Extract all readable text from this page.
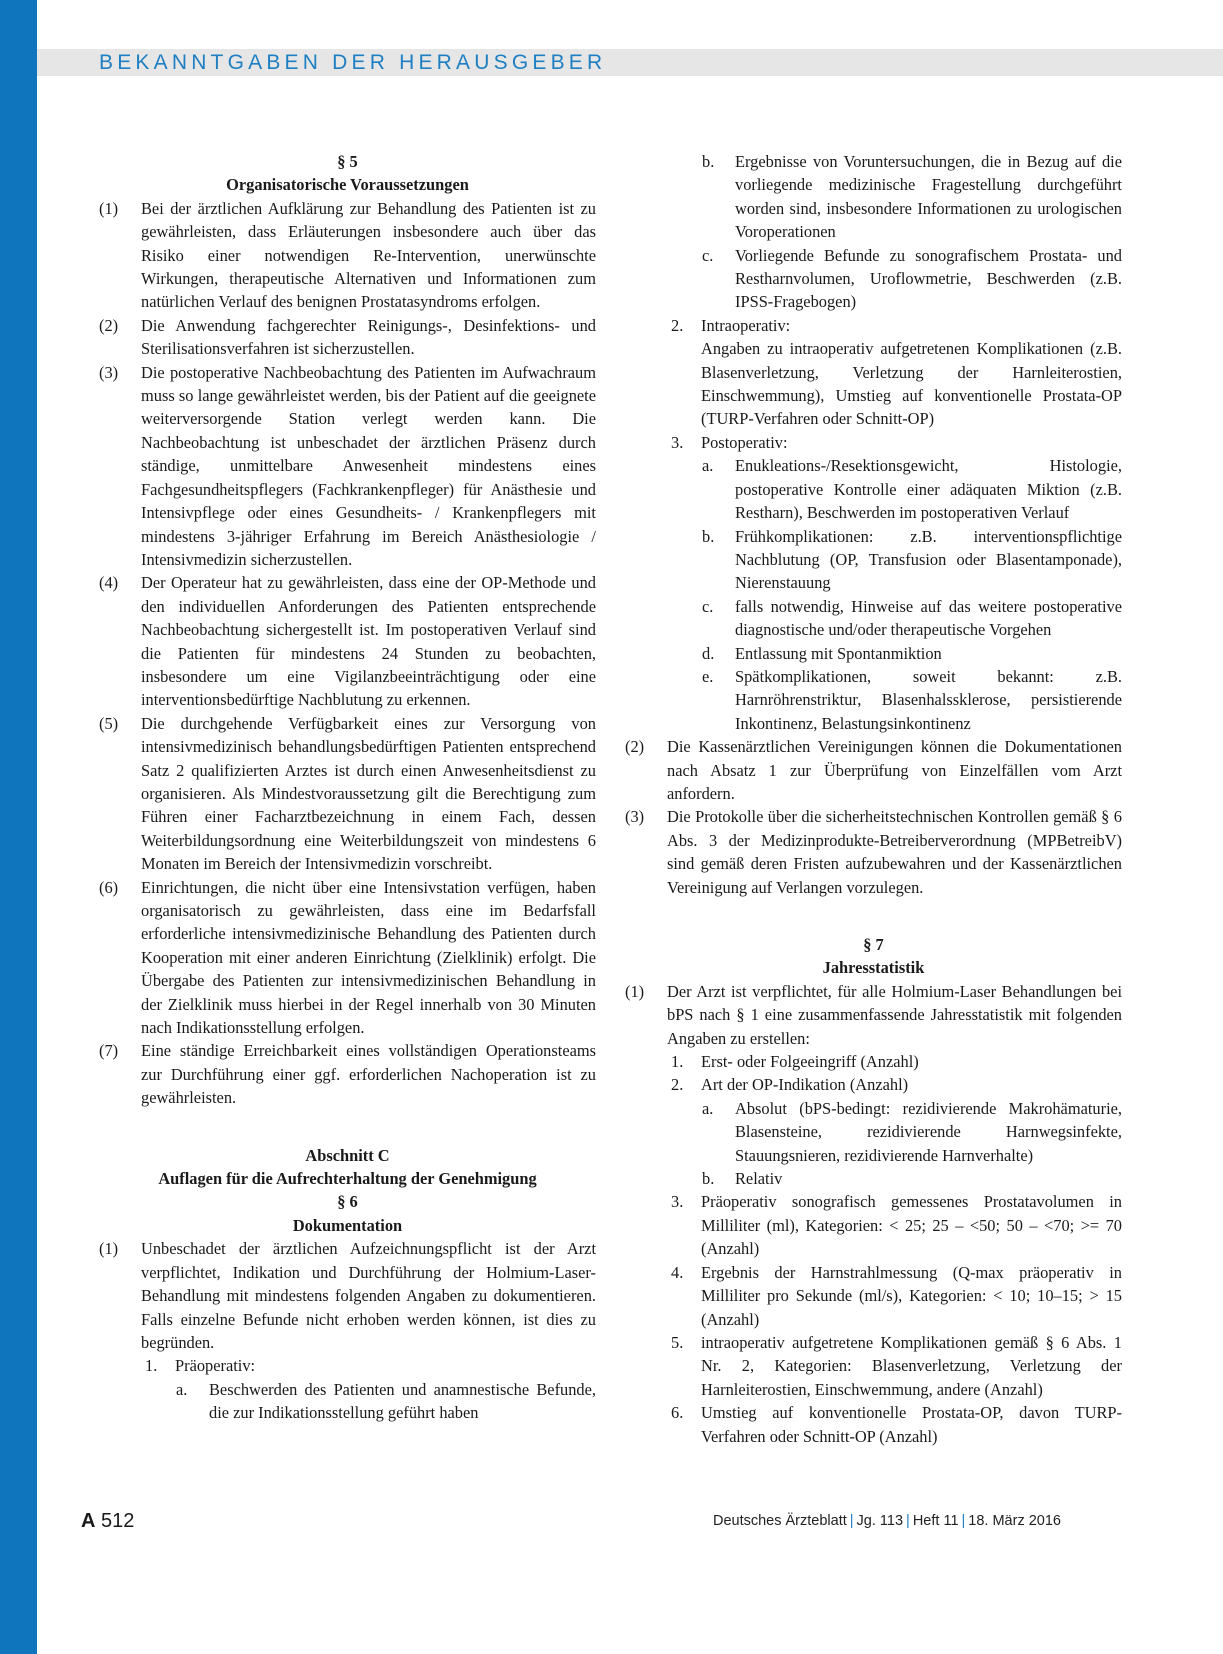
BEKANNTGABEN DER HERAUSGEBER
§ 5
Organisatorische Voraussetzungen
(1) Bei der ärztlichen Aufklärung zur Behandlung des Patienten ist zu gewährleisten, dass Erläuterungen insbesondere auch über das Risiko einer notwendigen Re-Intervention, unerwünschte Wirkungen, therapeutische Alternativen und Informationen zum natürlichen Verlauf des benignen Prostatasyndroms erfolgen.
(2) Die Anwendung fachgerechter Reinigungs-, Desinfektions- und Sterilisationsverfahren ist sicherzustellen.
(3) Die postoperative Nachbeobachtung des Patienten im Aufwachraum muss so lange gewährleistet werden, bis der Patient auf die geeignete weiterversorgende Station verlegt werden kann. Die Nachbeobachtung ist unbeschadet der ärztlichen Präsenz durch ständige, unmittelbare Anwesenheit mindestens eines Fachgesundheitspflegers (Fachkrankenpfleger) für Anästhesie und Intensivpflege oder eines Gesundheits- / Krankenpflegers mit mindestens 3-jähriger Erfahrung im Bereich Anästhesiologie / Intensivmedizin sicherzustellen.
(4) Der Operateur hat zu gewährleisten, dass eine der OP-Methode und den individuellen Anforderungen des Patienten entsprechende Nachbeobachtung sichergestellt ist. Im postoperativen Verlauf sind die Patienten für mindestens 24 Stunden zu beobachten, insbesondere um eine Vigilanzbeeinträchtigung oder eine interventionsbedürftige Nachblutung zu erkennen.
(5) Die durchgehende Verfügbarkeit eines zur Versorgung von intensivmedizinisch behandlungsbedürftigen Patienten entsprechend Satz 2 qualifizierten Arztes ist durch einen Anwesenheitsdienst zu organisieren. Als Mindestvoraussetzung gilt die Berechtigung zum Führen einer Facharztbezeichnung in einem Fach, dessen Weiterbildungsordnung eine Weiterbildungszeit von mindestens 6 Monaten im Bereich der Intensivmedizin vorschreibt.
(6) Einrichtungen, die nicht über eine Intensivstation verfügen, haben organisatorisch zu gewährleisten, dass eine im Bedarfsfall erforderliche intensivmedizinische Behandlung des Patienten durch Kooperation mit einer anderen Einrichtung (Zielklinik) erfolgt. Die Übergabe des Patienten zur intensivmedizinischen Behandlung in der Zielklinik muss hierbei in der Regel innerhalb von 30 Minuten nach Indikationsstellung erfolgen.
(7) Eine ständige Erreichbarkeit eines vollständigen Operationsteams zur Durchführung einer ggf. erforderlichen Nachoperation ist zu gewährleisten.
Abschnitt C
Auflagen für die Aufrechterhaltung der Genehmigung
§ 6
Dokumentation
(1) Unbeschadet der ärztlichen Aufzeichnungspflicht ist der Arzt verpflichtet, Indikation und Durchführung der Holmium-Laser-Behandlung mit mindestens folgenden Angaben zu dokumentieren. Falls einzelne Befunde nicht erhoben werden können, ist dies zu begründen.
1. Präoperativ:
a. Beschwerden des Patienten und anamnestische Befunde, die zur Indikationsstellung geführt haben
b. Ergebnisse von Voruntersuchungen, die in Bezug auf die vorliegende medizinische Fragestellung durchgeführt worden sind, insbesondere Informationen zu urologischen Voroperationen
c. Vorliegende Befunde zu sonografischem Prostata- und Restharnvolumen, Uroflowmetrie, Beschwerden (z.B. IPSS-Fragebogen)
2. Intraoperativ:
Angaben zu intraoperativ aufgetretenen Komplikationen (z.B. Blasenverletzung, Verletzung der Harnleiterostien, Einschwemmung), Umstieg auf konventionelle Prostata-OP (TURP-Verfahren oder Schnitt-OP)
3. Postoperativ:
a. Enukleations-/Resektionsgewicht, Histologie, postoperative Kontrolle einer adäquaten Miktion (z.B. Restharn), Beschwerden im postoperativen Verlauf
b. Frühkomplikationen: z.B. interventionspflichtige Nachblutung (OP, Transfusion oder Blasentamponade), Nierenstauung
c. falls notwendig, Hinweise auf das weitere postoperative diagnostische und/oder therapeutische Vorgehen
d. Entlassung mit Spontanmiktion
e. Spätkomplikationen, soweit bekannt: z.B. Harnröhrenstriktur, Blasenhalssklerose, persistierende Inkontinenz, Belastungsinkontinenz
(2) Die Kassenärztlichen Vereinigungen können die Dokumentationen nach Absatz 1 zur Überprüfung von Einzelfällen vom Arzt anfordern.
(3) Die Protokolle über die sicherheitstechnischen Kontrollen gemäß § 6 Abs. 3 der Medizinprodukte-Betreiberverordnung (MPBetreibV) sind gemäß deren Fristen aufzubewahren und der Kassenärztlichen Vereinigung auf Verlangen vorzulegen.
§ 7
Jahresstatistik
(1) Der Arzt ist verpflichtet, für alle Holmium-Laser Behandlungen bei bPS nach § 1 eine zusammenfassende Jahresstatistik mit folgenden Angaben zu erstellen:
1. Erst- oder Folgeeingriff (Anzahl)
2. Art der OP-Indikation (Anzahl)
a. Absolut (bPS-bedingt: rezidivierende Makrohämaturie, Blasensteine, rezidivierende Harnwegsinfekte, Stauungsnieren, rezidivierende Harnverhalte)
b. Relativ
3. Präoperativ sonografisch gemessenes Prostatavolumen in Milliliter (ml), Kategorien: < 25; 25 – <50; 50 – <70; >= 70 (Anzahl)
4. Ergebnis der Harnstrahlmessung (Q-max präoperativ in Milliliter pro Sekunde (ml/s), Kategorien: < 10; 10–15; > 15 (Anzahl)
5. intraoperativ aufgetretene Komplikationen gemäß § 6 Abs. 1 Nr. 2, Kategorien: Blasenverletzung, Verletzung der Harnleiterostien, Einschwemmung, andere (Anzahl)
6. Umstieg auf konventionelle Prostata-OP, davon TURP-Verfahren oder Schnitt-OP (Anzahl)
A 512	Deutsches Ärzteblatt | Jg. 113 | Heft 11 | 18. März 2016
